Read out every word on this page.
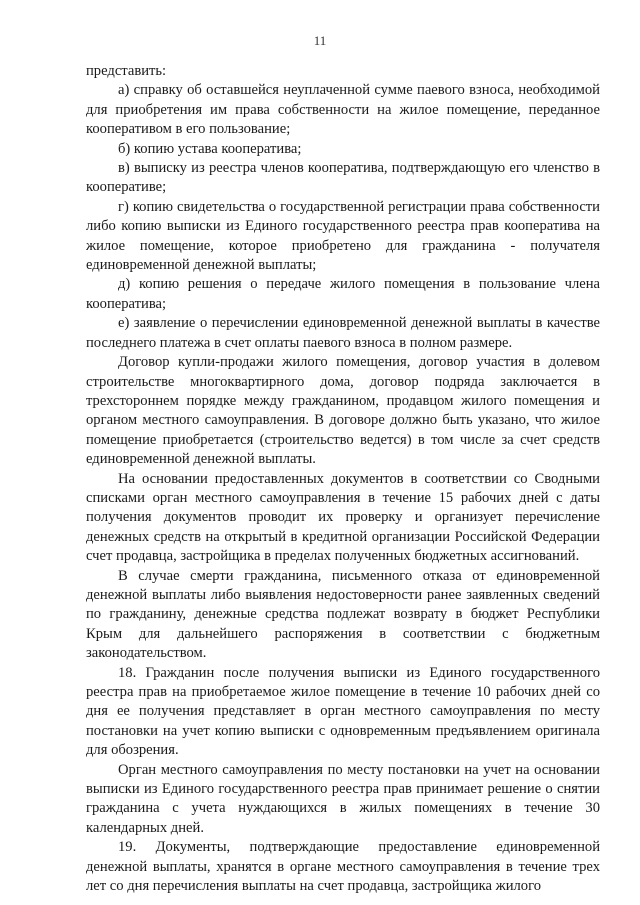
11

представить:

а) справку об оставшейся неуплаченной сумме паевого взноса, необходимой для приобретения им права собственности на жилое помещение, переданное кооперативом в его пользование;

б) копию устава кооператива;

в) выписку из реестра членов кооператива, подтверждающую его членство в кооперативе;

г) копию свидетельства о государственной регистрации права собственности либо копию выписки из Единого государственного реестра прав кооператива на жилое помещение, которое приобретено для гражданина - получателя единовременной денежной выплаты;

д) копию решения о передаче жилого помещения в пользование члена кооператива;

е) заявление о перечислении единовременной денежной выплаты в качестве последнего платежа в счет оплаты паевого взноса в полном размере.

Договор купли-продажи жилого помещения, договор участия в долевом строительстве многоквартирного дома, договор подряда заключается в трехстороннем порядке между гражданином, продавцом жилого помещения и органом местного самоуправления. В договоре должно быть указано, что жилое помещение приобретается (строительство ведется) в том числе за счет средств единовременной денежной выплаты.

На основании предоставленных документов в соответствии со Сводными списками орган местного самоуправления в течение 15 рабочих дней с даты получения документов проводит их проверку и организует перечисление денежных средств на открытый в кредитной организации Российской Федерации счет продавца, застройщика в пределах полученных бюджетных ассигнований.

В случае смерти гражданина, письменного отказа от единовременной денежной выплаты либо выявления недостоверности ранее заявленных сведений по гражданину, денежные средства подлежат возврату в бюджет Республики Крым для дальнейшего распоряжения в соответствии с бюджетным законодательством.

18. Гражданин после получения выписки из Единого государственного реестра прав на приобретаемое жилое помещение в течение 10 рабочих дней со дня ее получения представляет в орган местного самоуправления по месту постановки на учет копию выписки с одновременным предъявлением оригинала для обозрения.

Орган местного самоуправления по месту постановки на учет на основании выписки из Единого государственного реестра прав принимает решение о снятии гражданина с учета нуждающихся в жилых помещениях в течение 30 календарных дней.

19. Документы, подтверждающие предоставление единовременной денежной выплаты, хранятся в органе местного самоуправления в течение трех лет со дня перечисления выплаты на счет продавца, застройщика жилого
